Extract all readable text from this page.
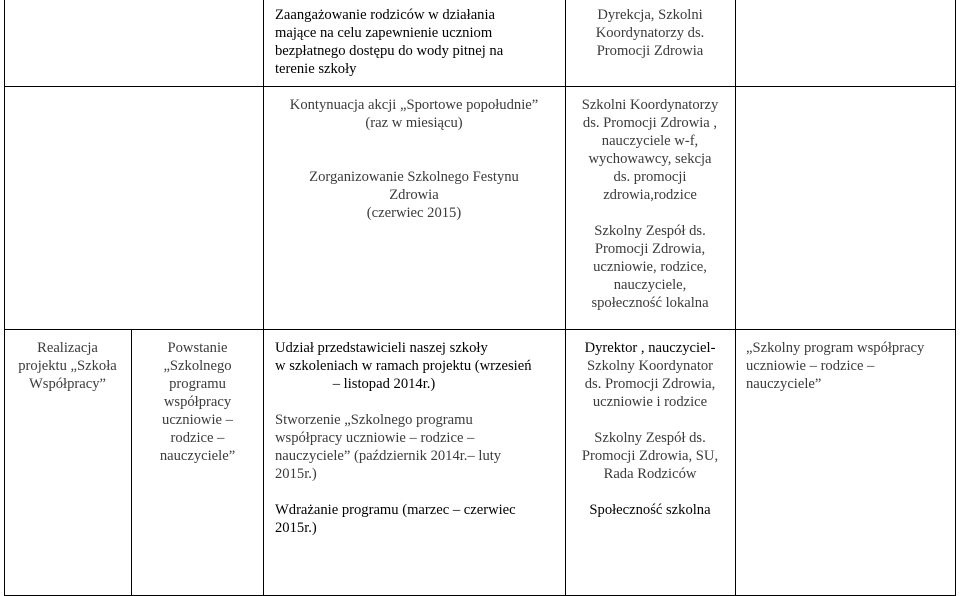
Zaangażowanie rodziców w działania

mające na celu zapewnienie uczniom

bezpłatnego dostępu do wody pitnej na

terenie szkoły

Dyrekcja, Szkolni

Koordynatorzy ds.

Promocji Zdrowia

Kontynuacja akcji „Sportowe popołudnie”

(raz w miesiącu)

Zorganizowanie Szkolnego Festynu

Zdrowia

(czerwiec 2015)

Szkolni Koordynatorzy

ds. Promocji Zdrowia ,

nauczyciele w-f,

wychowawcy, sekcja

ds. promocji

zdrowia,rodzice

Szkolny Zespół ds.

Promocji Zdrowia,

uczniowie, rodzice,

nauczyciele,

społeczność lokalna

Realizacja

projektu „Szkoła

Współpracy”

Powstanie

„Szkolnego

programu

współpracy

uczniowie –

rodzice –

nauczyciele”

Udział przedstawicieli naszej szkoły

w szkoleniach w ramach projektu (wrzesień

– listopad 2014r.)

Stworzenie „Szkolnego programu

współpracy uczniowie – rodzice –

nauczyciele” (październik 2014r.– luty

2015r.)

Wdrażanie programu (marzec – czerwiec

2015r.)

Dyrektor , nauczyciel-

Szkolny Koordynator

ds. Promocji Zdrowia,

uczniowie i rodzice

Szkolny Zespół ds.

Promocji Zdrowia, SU,

Rada Rodziców

Społeczność szkolna

„Szkolny program współpracy

uczniowie – rodzice –

nauczyciele”
